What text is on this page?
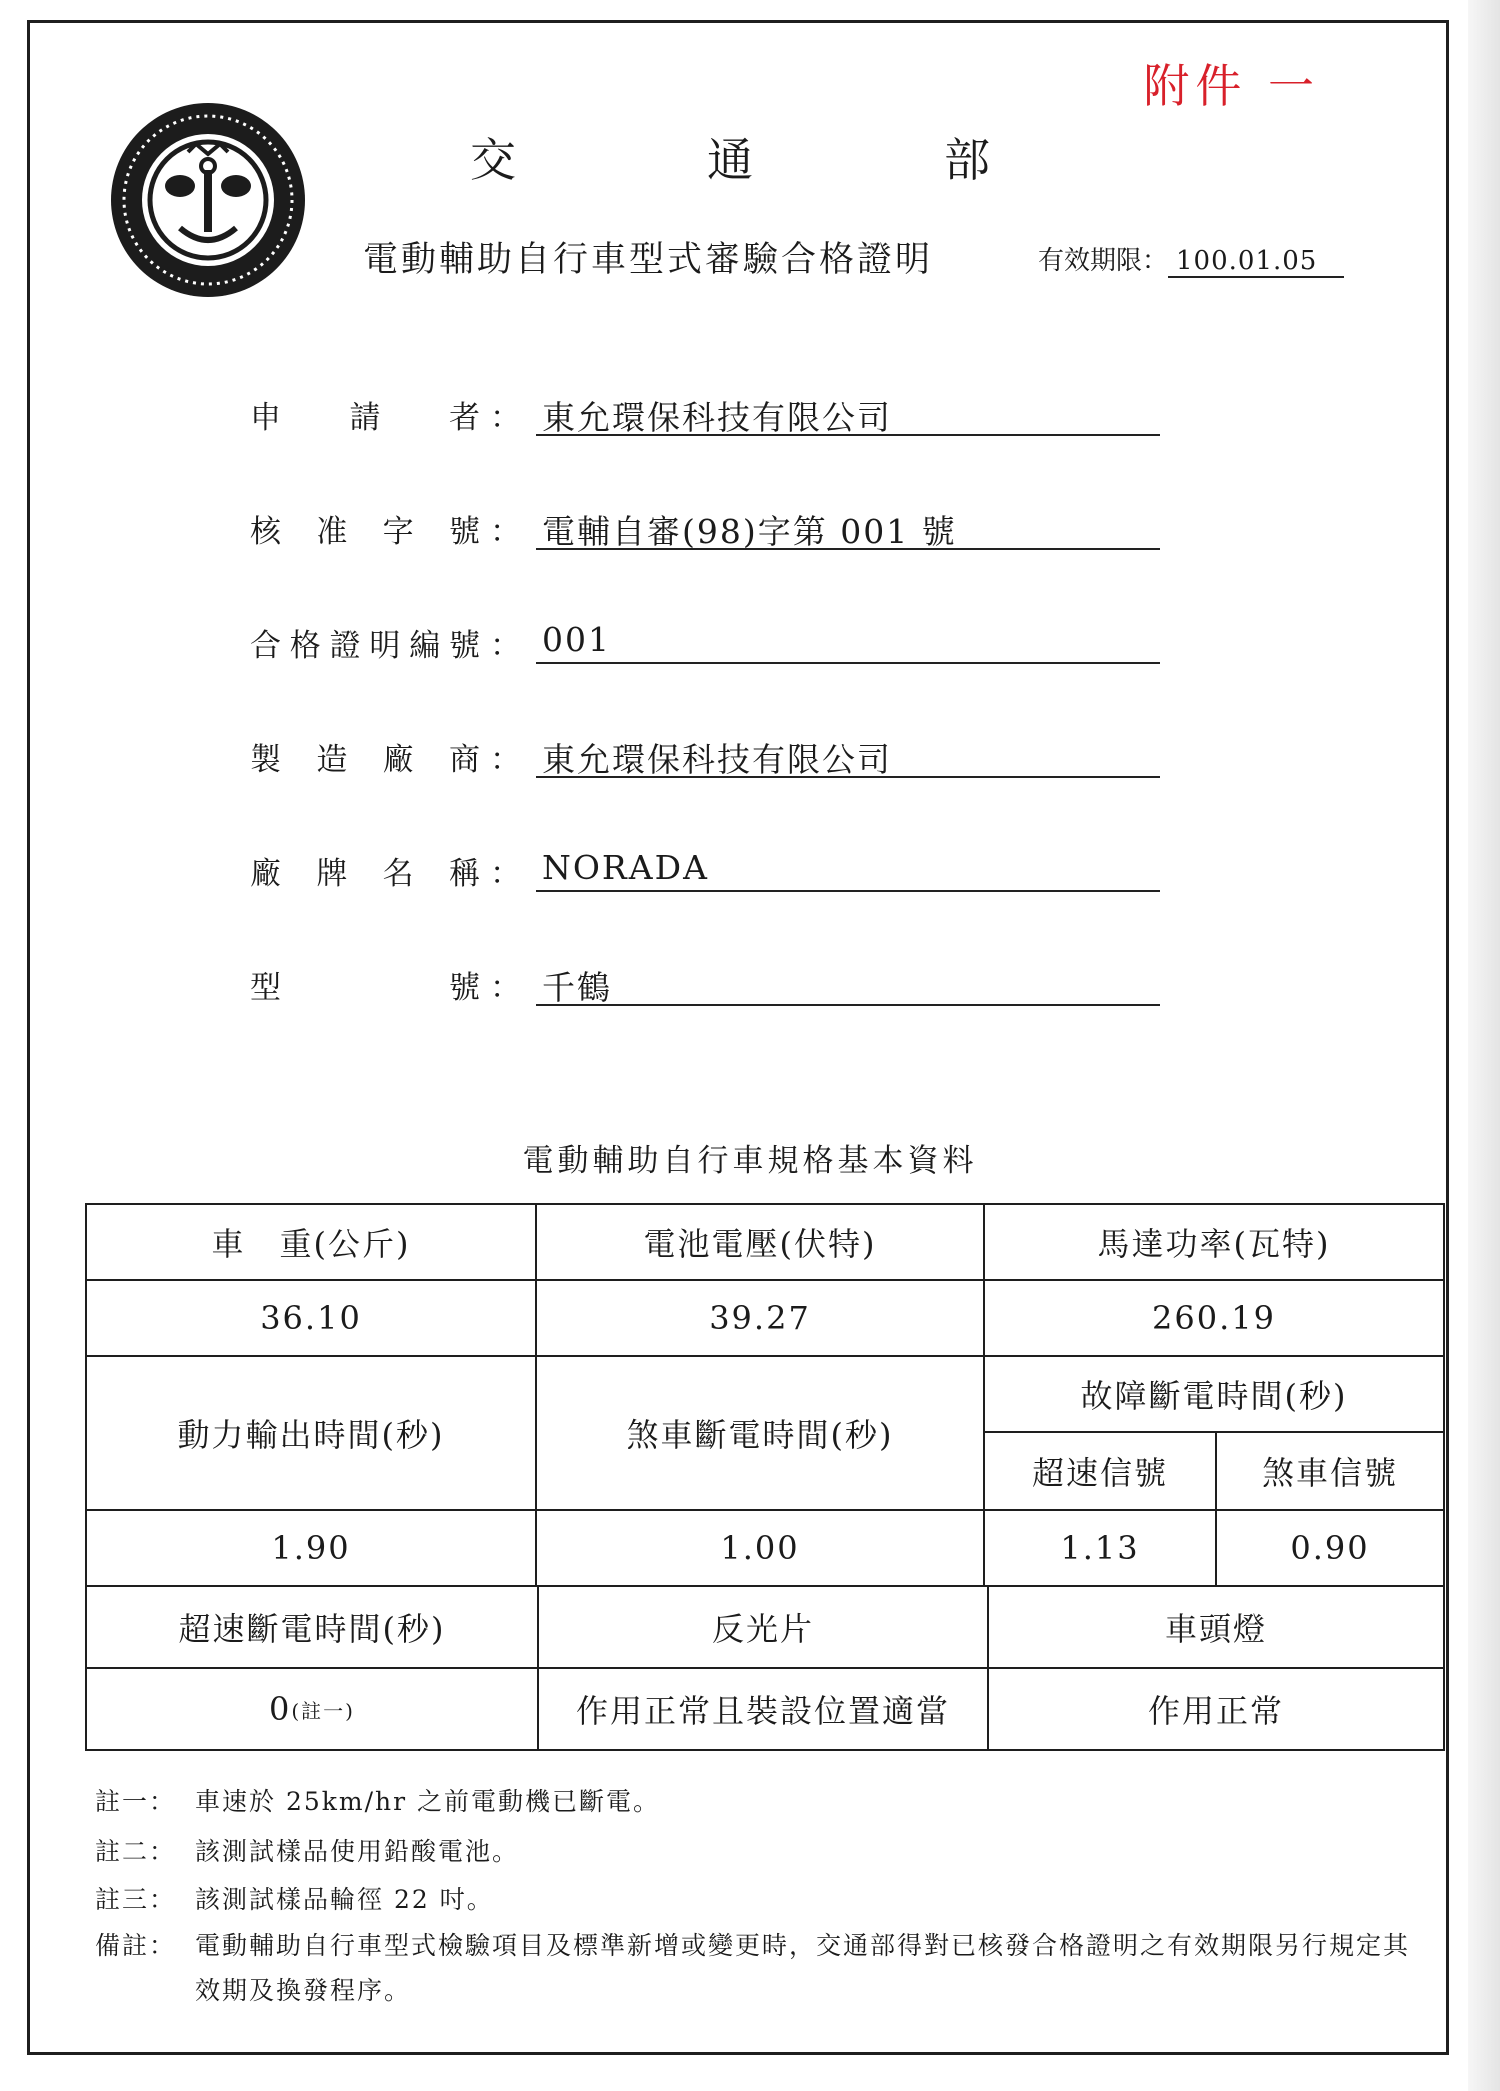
附件 一
交	通	部
電動輔助自行車型式審驗合格證明	有效期限： 100.01.05
申 請 者 ： 東允環保科技有限公司
核 准 字 號 ： 電輔自審(98)字第 001 號
合 格 證 明 編 號 ： 001
製 造 廠 商 ： 東允環保科技有限公司
廠 牌 名 稱 ： NORADA
型	號 ： 千鶴
電動輔助自行車規格基本資料
車　重(公斤)	電池電壓(伏特)	馬達功率(瓦特)
36.10	39.27	260.19
動力輸出時間(秒)	煞車斷電時間(秒)
故障斷電時間(秒)
超速信號	煞車信號
1.90	1.00	1.13	0.90
超速斷電時間(秒)	反光片	車頭燈
0 (註一)	作用正常且裝設位置適當	作用正常
註一： 車速於 25km/hr 之前電動機已斷電。
註二： 該測試樣品使用鉛酸電池。
註三： 該測試樣品輪徑 22 吋。
備註： 電動輔助自行車型式檢驗項目及標準新增或變更時，交通部得對已核發合格證明之有效期限另行規定其效期及換發程序。
